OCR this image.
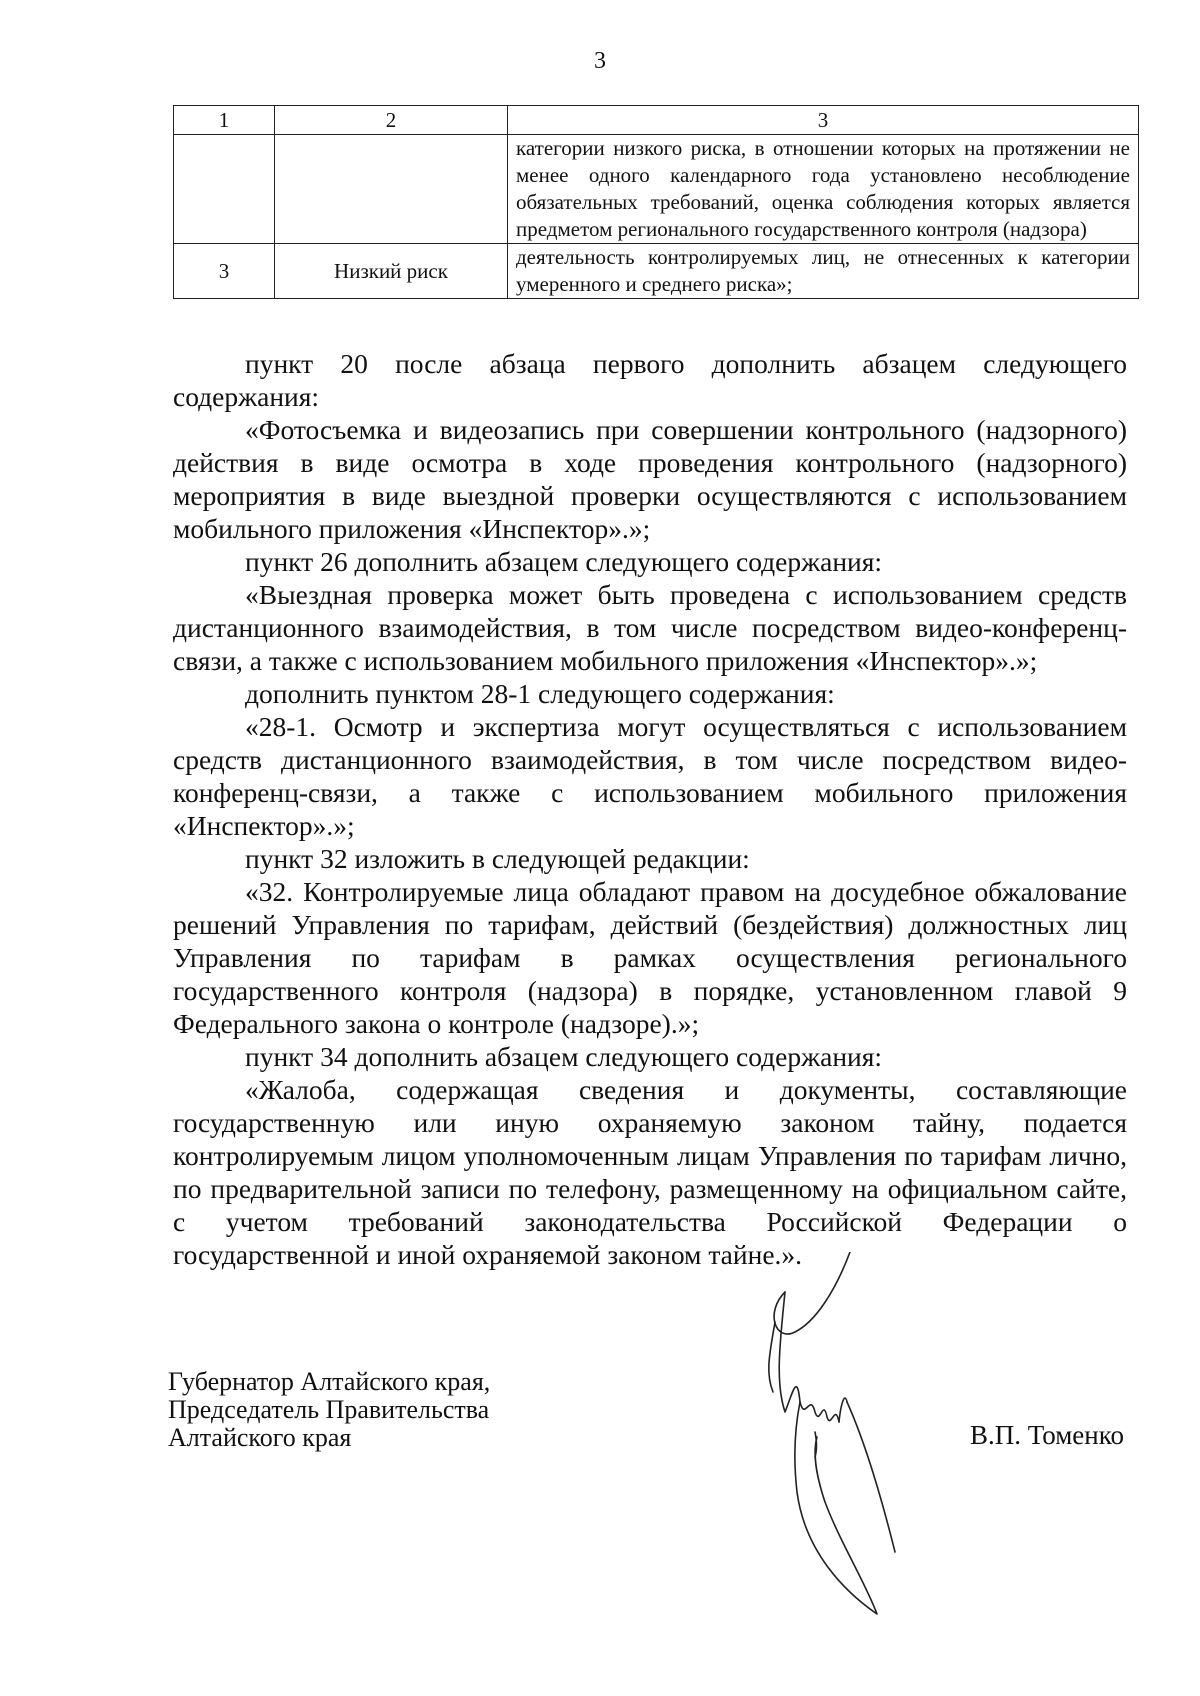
3
1	2	3
		категории низкого риска, в отношении которых на протяжении не менее одного календарного года установлено несоблюдение обязательных требований, оценка соблюдения которых является предметом регионального государственного контроля (надзора)
3	Низкий риск	деятельность контролируемых лиц, не отнесенных к категории умеренного и среднего риска»;

пункт 20 после абзаца первого дополнить абзацем следующего содержания:

«Фотосъемка и видеозапись при совершении контрольного (надзорного) действия в виде осмотра в ходе проведения контрольного (надзорного) мероприятия в виде выездной проверки осуществляются с использованием мобильного приложения «Инспектор».»;

пункт 26 дополнить абзацем следующего содержания:

«Выездная проверка может быть проведена с использованием средств дистанционного взаимодействия, в том числе посредством видео-конференц-связи, а также с использованием мобильного приложения «Инспектор».»;

дополнить пунктом 28-1 следующего содержания:

«28-1. Осмотр и экспертиза могут осуществляться с использованием средств дистанционного взаимодействия, в том числе посредством видео-конференц-связи, а также с использованием мобильного приложения «Инспектор».»;

пункт 32 изложить в следующей редакции:

«32. Контролируемые лица обладают правом на досудебное обжалование решений Управления по тарифам, действий (бездействия) должностных лиц Управления по тарифам в рамках осуществления регионального государственного контроля (надзора) в порядке, установленном главой 9 Федерального закона о контроле (надзоре).»;

пункт 34 дополнить абзацем следующего содержания:

«Жалоба, содержащая сведения и документы, составляющие государственную или иную охраняемую законом тайну, подается контролируемым лицом уполномоченным лицам Управления по тарифам лично, по предварительной записи по телефону, размещенному на официальном сайте, с учетом требований законодательства Российской Федерации о государственной и иной охраняемой законом тайне.».

Губернатор Алтайского края,
Председатель Правительства
Алтайского края	В.П. Томенко
